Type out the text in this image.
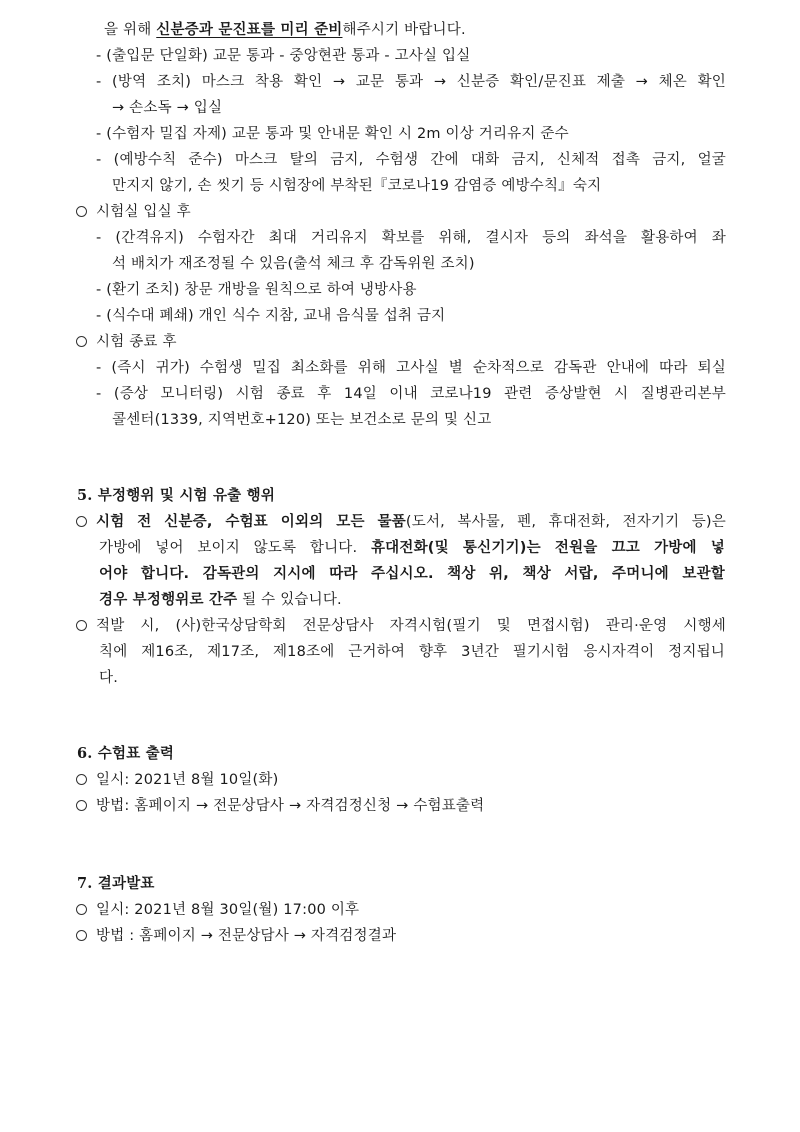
을 위해 신분증과 문진표를 미리 준비해주시기 바랍니다.
- (출입문 단일화) 교문 통과 - 중앙현관 통과 - 고사실 입실
- (방역 조치) 마스크 착용 확인 → 교문 통과 → 신분증 확인/문진표 제출 → 체온 확인
→ 손소독 → 입실
- (수험자 밀집 자제) 교문 통과 및 안내문 확인 시 2m 이상 거리유지 준수
- (예방수칙 준수) 마스크 탈의 금지, 수험생 간에 대화 금지, 신체적 접촉 금지, 얼굴
만지지 않기, 손 씻기 등 시험장에 부착된『코로나19 감염증 예방수칙』숙지
시험실 입실 후
- (간격유지) 수험자간 최대 거리유지 확보를 위해, 결시자 등의 좌석을 활용하여 좌
석 배치가 재조정될 수 있음(출석 체크 후 감독위원 조치)
- (환기 조치) 창문 개방을 원칙으로 하여 냉방사용
- (식수대 폐쇄) 개인 식수 지참, 교내 음식물 섭취 금지
시험 종료 후
- (즉시 귀가) 수험생 밀집 최소화를 위해 고사실 별 순차적으로 감독관 안내에 따라 퇴실
- (증상 모니터링) 시험 종료 후 14일 이내 코로나19 관련 증상발현 시 질병관리본부
콜센터(1339, 지역번호+120) 또는 보건소로 문의 및 신고
5. 부정행위 및 시험 유출 행위
시험 전 신분증, 수험표 이외의 모든 물품(도서, 복사물, 펜, 휴대전화, 전자기기 등)은
가방에 넣어 보이지 않도록 합니다. 휴대전화(및 통신기기)는 전원을 끄고 가방에 넣
어야 합니다. 감독관의 지시에 따라 주십시오. 책상 위, 책상 서랍, 주머니에 보관할
경우 부정행위로 간주 될 수 있습니다.
적발 시, (사)한국상담학회 전문상담사 자격시험(필기 및 면접시험) 관리·운영 시행세
칙에 제16조, 제17조, 제18조에 근거하여 향후 3년간 필기시험 응시자격이 정지됩니
다.
6. 수험표 출력
일시: 2021년 8월 10일(화)
방법: 홈페이지 → 전문상담사 → 자격검정신청 → 수험표출력
7. 결과발표
일시: 2021년 8월 30일(월) 17:00 이후
방법 : 홈페이지 → 전문상담사 → 자격검정결과
